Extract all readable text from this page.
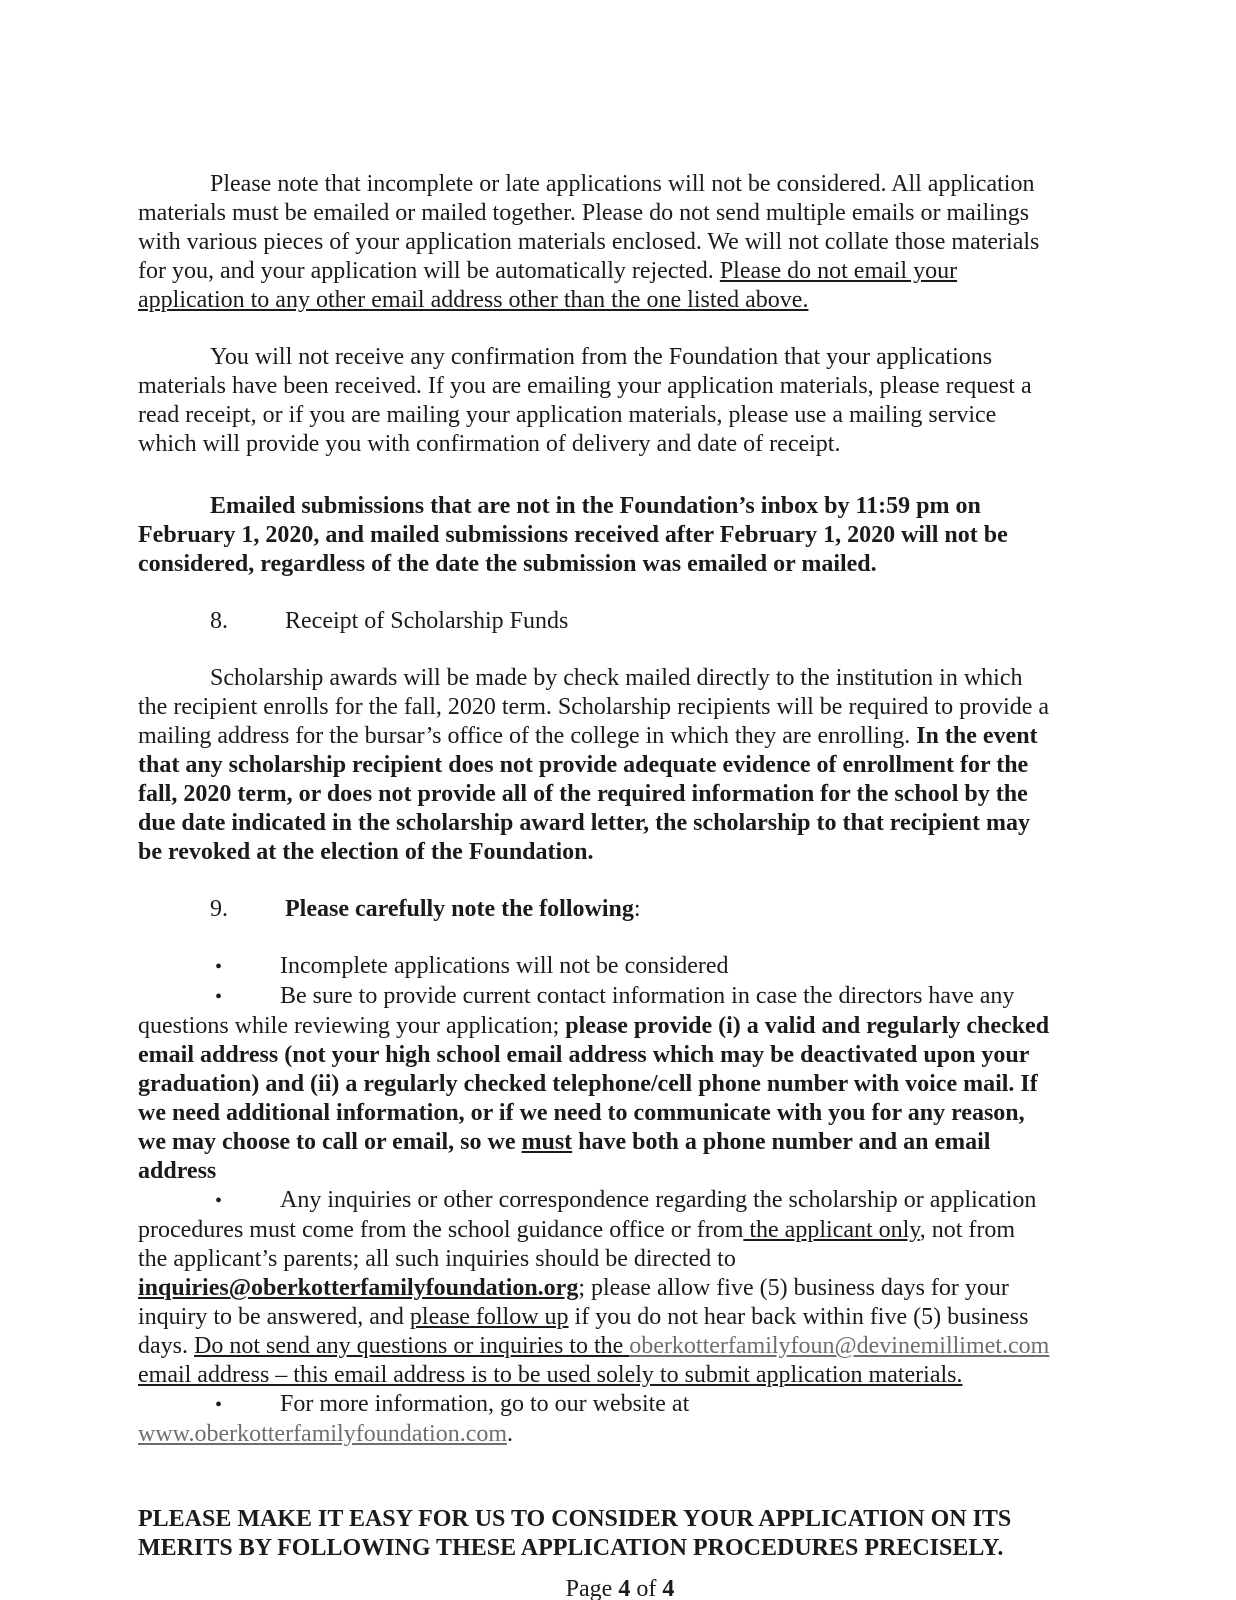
Please note that incomplete or late applications will not be considered. All application materials must be emailed or mailed together. Please do not send multiple emails or mailings with various pieces of your application materials enclosed. We will not collate those materials for you, and your application will be automatically rejected. Please do not email your application to any other email address other than the one listed above.

You will not receive any confirmation from the Foundation that your applications materials have been received. If you are emailing your application materials, please request a read receipt, or if you are mailing your application materials, please use a mailing service which will provide you with confirmation of delivery and date of receipt.

Emailed submissions that are not in the Foundation’s inbox by 11:59 pm on February 1, 2020, and mailed submissions received after February 1, 2020 will not be considered, regardless of the date the submission was emailed or mailed.

8. Receipt of Scholarship Funds

Scholarship awards will be made by check mailed directly to the institution in which the recipient enrolls for the fall, 2020 term. Scholarship recipients will be required to provide a mailing address for the bursar’s office of the college in which they are enrolling. In the event that any scholarship recipient does not provide adequate evidence of enrollment for the fall, 2020 term, or does not provide all of the required information for the school by the due date indicated in the scholarship award letter, the scholarship to that recipient may be revoked at the election of the Foundation.

9. Please carefully note the following:

• Incomplete applications will not be considered

• Be sure to provide current contact information in case the directors have any questions while reviewing your application; please provide (i) a valid and regularly checked email address (not your high school email address which may be deactivated upon your graduation) and (ii) a regularly checked telephone/cell phone number with voice mail. If we need additional information, or if we need to communicate with you for any reason, we may choose to call or email, so we must have both a phone number and an email address

• Any inquiries or other correspondence regarding the scholarship or application procedures must come from the school guidance office or from the applicant only, not from the applicant’s parents; all such inquiries should be directed to inquiries@oberkotterfamilyfoundation.org; please allow five (5) business days for your inquiry to be answered, and please follow up if you do not hear back within five (5) business days. Do not send any questions or inquiries to the oberkotterfamilyfoun@devinemillimet.com email address – this email address is to be used solely to submit application materials.

• For more information, go to our website at www.oberkotterfamilyfoundation.com.

PLEASE MAKE IT EASY FOR US TO CONSIDER YOUR APPLICATION ON ITS MERITS BY FOLLOWING THESE APPLICATION PROCEDURES PRECISELY.

Page 4 of 4
